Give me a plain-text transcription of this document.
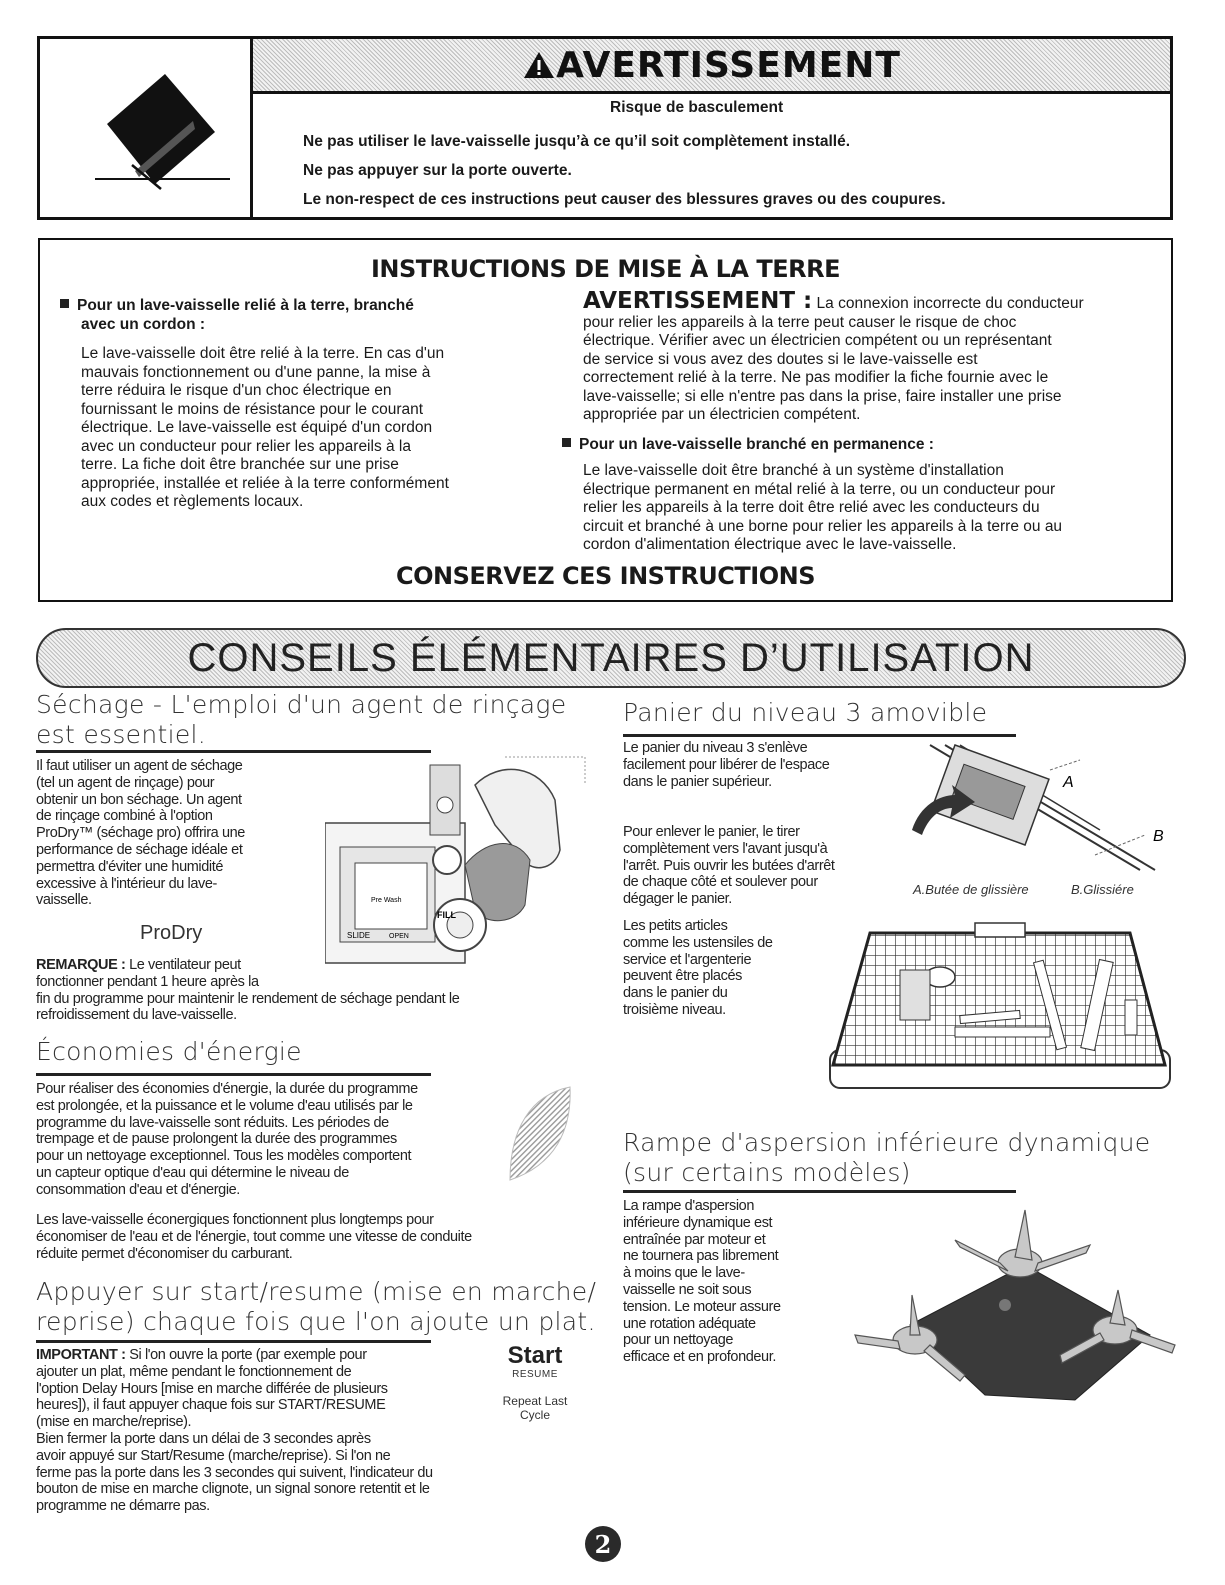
AVERTISSEMENT
Risque de basculement
Ne pas utiliser le lave-vaisselle jusqu’à ce qu’il soit complètement installé.
Ne pas appuyer sur la porte ouverte.
Le non-respect de ces instructions peut causer des blessures graves ou des coupures.
INSTRUCTIONS DE MISE À LA TERRE
Pour un lave-vaisselle relié à la terre, branché
avec un cordon :
Le lave-vaisselle doit être relié à la terre. En cas d'un
mauvais fonctionnement ou d'une panne, la mise à
terre réduira le risque d'un choc électrique en
fournissant le moins de résistance pour le courant
électrique. Le lave-vaisselle est équipé d'un cordon
avec un conducteur pour relier les appareils à la
terre. La fiche doit être branchée sur une prise
appropriée, installée et reliée à la terre conformément
aux codes et règlements locaux.
AVERTISSEMENT : La connexion incorrecte du conducteur
pour relier les appareils à la terre peut causer le risque de choc
électrique. Vérifier avec un électricien compétent ou un représentant
de service si vous avez des doutes si le lave-vaisselle est
correctement relié à la terre. Ne pas modifier la fiche fournie avec le
lave-vaisselle; si elle n'entre pas dans la prise, faire installer une prise
appropriée par un électricien compétent.
Pour un lave-vaisselle branché en permanence :
Le lave-vaisselle doit être branché à un système d'installation
électrique permanent en métal relié à la terre, ou un conducteur pour
relier les appareils à la terre doit être relié avec les conducteurs du
circuit et branché à une borne pour relier les appareils à la terre ou au
cordon d'alimentation électrique avec le lave-vaisselle.
CONSERVEZ CES INSTRUCTIONS
CONSEILS ÉLÉMENTAIRES D’UTILISATION
Séchage - L'emploi d'un agent de rinçage
est essentiel.
Il faut utiliser un agent de séchage
(tel un agent de rinçage) pour
obtenir un bon séchage. Un agent
de rinçage combiné à l'option
ProDry™ (séchage pro) offrira une
performance de séchage idéale et
permettra d'éviter une humidité
excessive à l'intérieur du lave-
vaisselle.
ProDry
Pre Wash
FILL
SLIDE	OPEN
REMARQUE : Le ventilateur peut
fonctionner pendant 1 heure après la
fin du programme pour maintenir le rendement de séchage pendant le
refroidissement du lave-vaisselle.
Économies d'énergie
Pour réaliser des économies d'énergie, la durée du programme
est prolongée, et la puissance et le volume d'eau utilisés par le
programme du lave-vaisselle sont réduits. Les périodes de
trempage et de pause prolongent la durée des programmes
pour un nettoyage exceptionnel. Tous les modèles comportent
un capteur optique d'eau qui détermine le niveau de
consommation d'eau et d'énergie.
Les lave-vaisselle éconergiques fonctionnent plus longtemps pour
économiser de l'eau et de l'énergie, tout comme une vitesse de conduite
réduite permet d'économiser du carburant.
Appuyer sur start/resume (mise en marche/
reprise) chaque fois que l'on ajoute un plat.
IMPORTANT : Si l'on ouvre la porte (par exemple pour
ajouter un plat, même pendant le fonctionnement de
l'option Delay Hours [mise en marche différée de plusieurs
heures]), il faut appuyer chaque fois sur START/RESUME
(mise en marche/reprise).
Bien fermer la porte dans un délai de 3 secondes après
avoir appuyé sur Start/Resume (marche/reprise). Si l'on ne
ferme pas la porte dans les 3 secondes qui suivent, l'indicateur du
bouton de mise en marche clignote, un signal sonore retentit et le
programme ne démarre pas.
Start
RESUME
Repeat Last
Cycle
Panier du niveau 3 amovible
Le panier du niveau 3 s'enlève
facilement pour libérer de l'espace
dans le panier supérieur.
Pour enlever le panier, le tirer
complètement vers l'avant jusqu'à
l'arrêt. Puis ouvrir les butées d'arrêt
de chaque côté et soulever pour
dégager le panier.
Les petits articles
comme les ustensiles de
service et l'argenterie
peuvent être placés
dans le panier du
troisième niveau.
A
B
A.Butée de glissière	B.Glissiére
Rampe d'aspersion inférieure dynamique
(sur certains modèles)
La rampe d'aspersion
inférieure dynamique est
entraînée par moteur et
ne tournera pas librement
à moins que le lave-
vaisselle ne soit sous
tension. Le moteur assure
une rotation adéquate
pour un nettoyage
efficace et en profondeur.
2
